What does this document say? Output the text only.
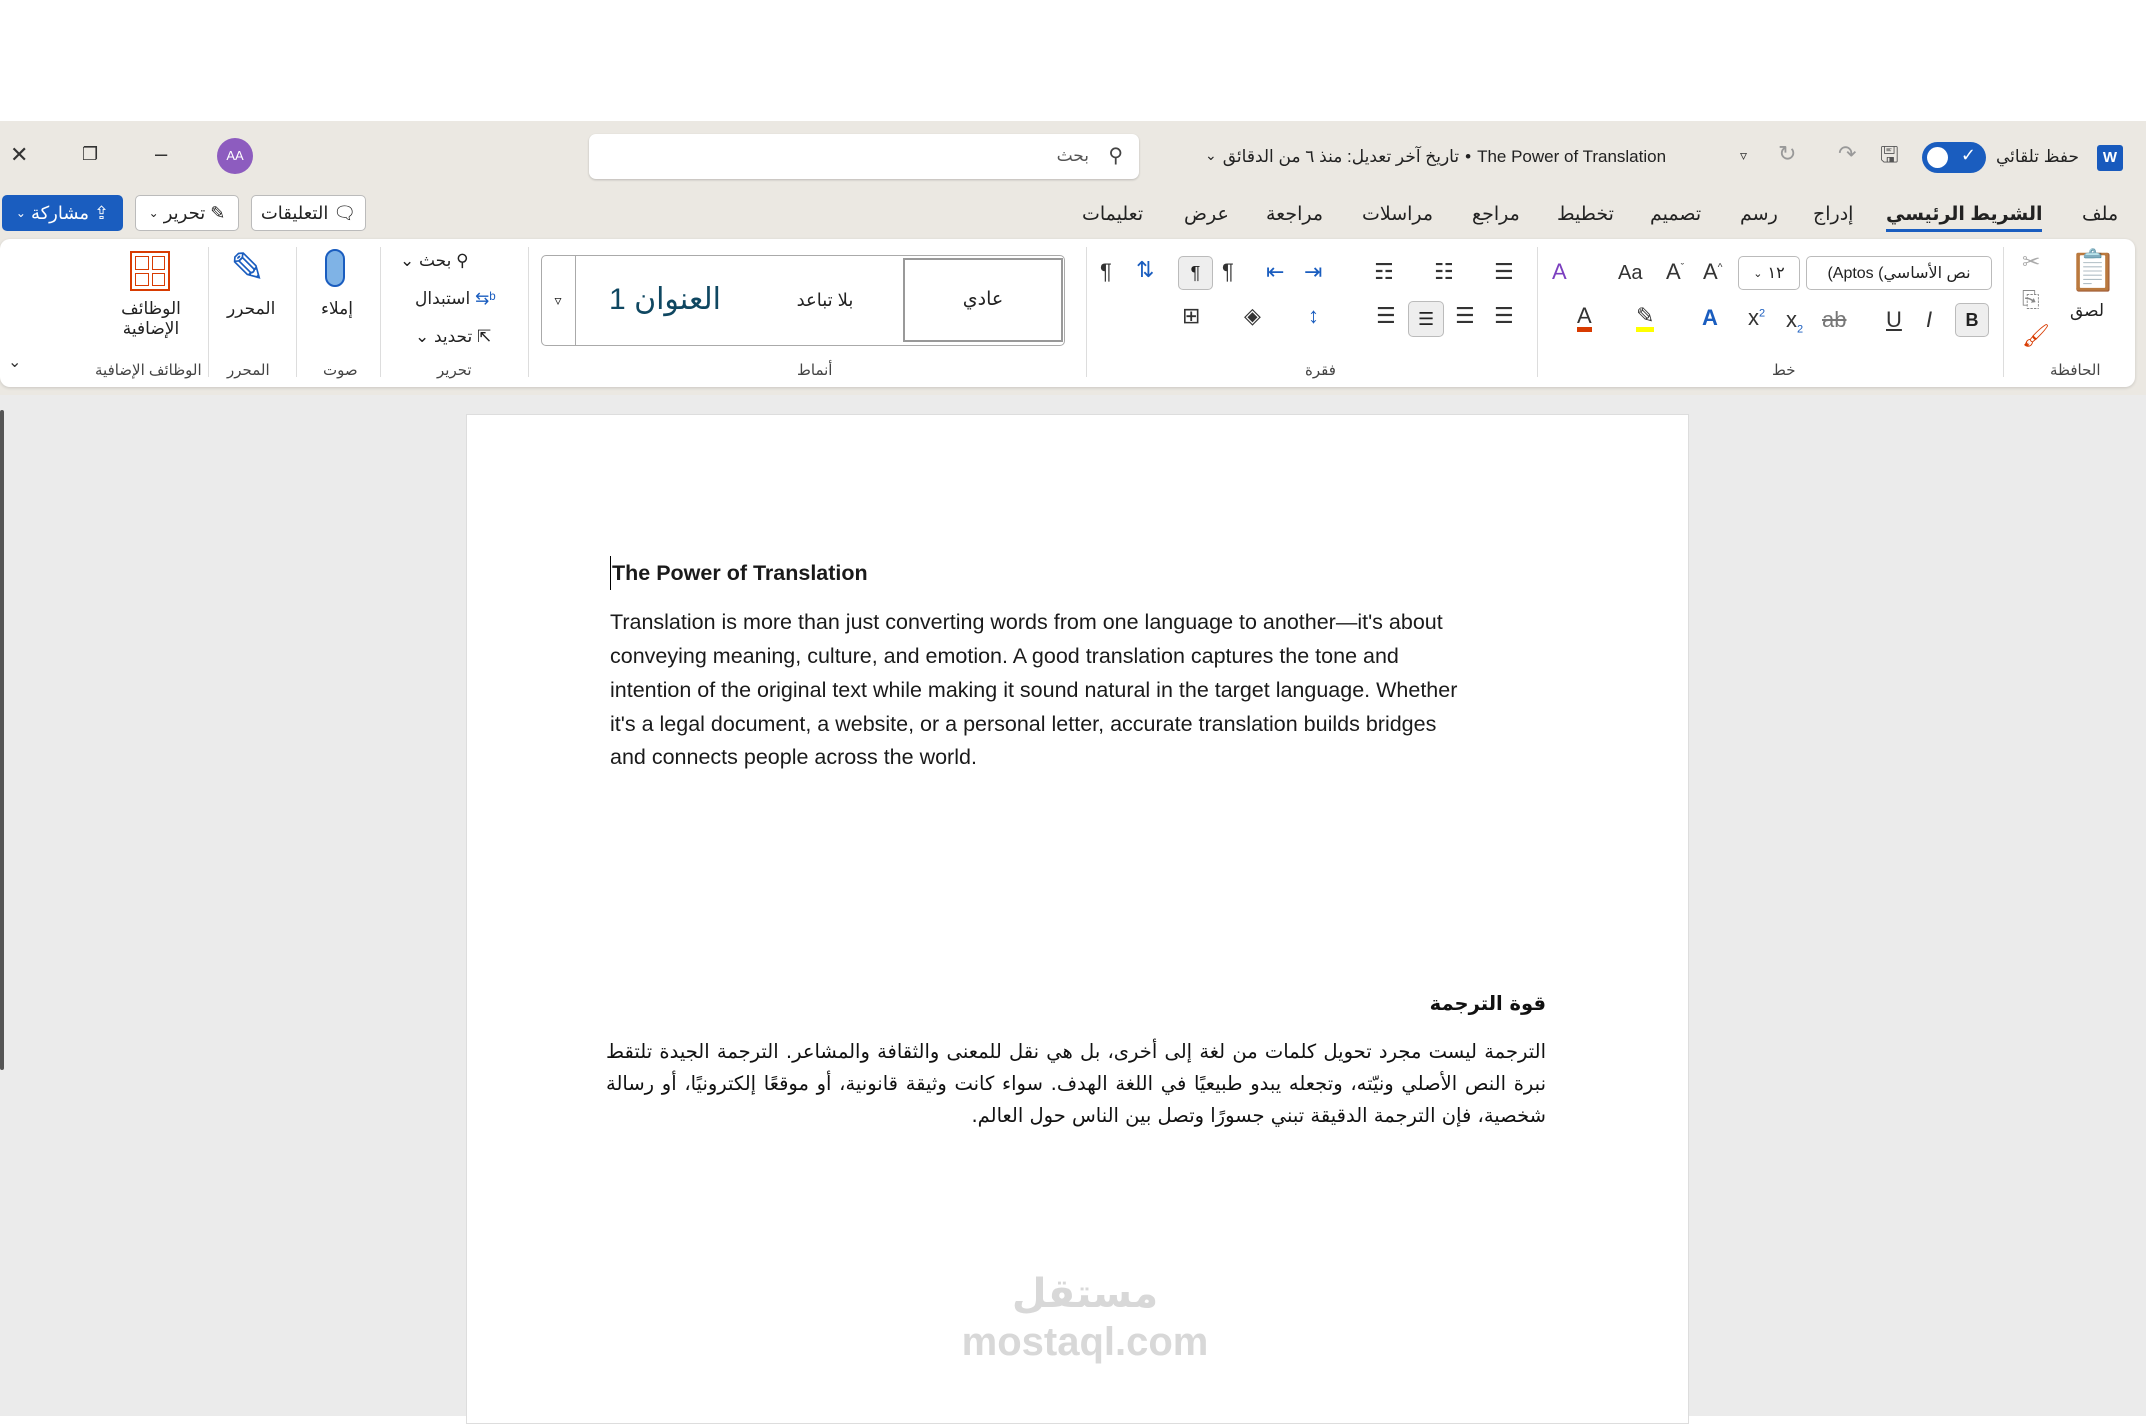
W
حفظ تلقائي
✓
🖫
↷
↻
▿
The Power of Translation
•
تاريخ آخر تعديل: منذ ٦ من الدقائق
⌄
⚲
بحث
AA
–
❐
✕
ملف
الشريط الرئيسي
إدراج
رسم
تصميم
تخطيط
مراجع
مراسلات
مراجعة
عرض
تعليمات
🗨
التعليقات
✎
تحرير
⌄
⇪
مشاركة
⌄
📋
لصق
✂
⎘
🖌
الحافظة
نص الأساسي) Aptos)
١٢
⌄
A^
$A^ˇ$
Aa
A
B
I
U
ab
$x_2$
$x^2$
A
✎
A
خط
☰
☷
☶
⇥
⇤
¶
¶
⇅
¶
☰
☰
☰
☰
↕
◈
⊞
فقرة
عادي
بلا تباعد
العنوان 1
▿
أنماط
⚲ بحث ⌄
ᵇ⇆ استبدال
⇱ تحديد ⌄
تحرير
إملاء
صوت
✎
المحرر
المحرر
الوظائف الإضافية
الوظائف الإضافية
⌄
The Power of Translation
Translation is more than just converting words from one language to another—it's about
conveying meaning, culture, and emotion. A good translation captures the tone and
intention of the original text while making it sound natural in the target language. Whether
it's a legal document, a website, or a personal letter, accurate translation builds bridges
and connects people across the world.
قوة الترجمة
الترجمة ليست مجرد تحويل كلمات من لغة إلى أخرى، بل هي نقل للمعنى والثقافة والمشاعر. الترجمة الجيدة تلتقط نبرة النص الأصلي ونيّته، وتجعله يبدو طبيعيًا في اللغة الهدف. سواء كانت وثيقة قانونية، أو موقعًا إلكترونيًا، أو رسالة شخصية، فإن الترجمة الدقيقة تبني جسورًا وتصل بين الناس حول العالم.
مستقل mostaql.com
